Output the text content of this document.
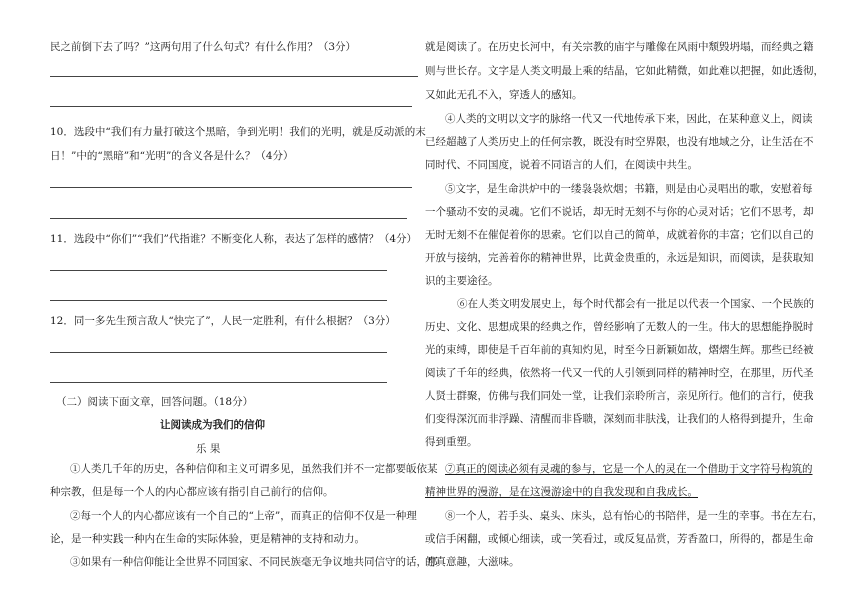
民之前倒下去了吗？”这两句用了什么句式？有什么作用？（3分）
10．选段中“我们有力量打破这个黑暗，争到光明！我们的光明，就是反动派的末
日！”中的“黑暗”和“光明”的含义各是什么？（4分）
11．选段中“你们”“我们”代指谁？不断变化人称，表达了怎样的感情？（4分）
12．同一多先生预言敌人“快完了”，人民一定胜利，有什么根据？（3分）
（二）阅读下面文章，回答问题。（18分）
让阅读成为我们的信仰
乐 果
①人类几千年的历史，各种信仰和主义可谓多见，虽然我们并不一定都要皈依某
种宗教，但是每一个人的内心都应该有指引自己前行的信仰。
②每一个人的内心都应该有一个自己的“上帝”，而真正的信仰不仅是一种理
论，是一种实践一种内在生命的实际体验，更是精神的支持和动力。
③如果有一种信仰能让全世界不同国家、不同民族毫无争议地共同信守的话，那
就是阅读了。在历史长河中，有关宗教的庙宇与雕像在风雨中颓毁坍塌，而经典之籍
则与世长存。文字是人类文明最上乘的结晶，它如此精微，如此难以把握，如此透彻，
又如此无孔不入，穿透人的感知。
④人类的文明以文字的脉络一代又一代地传承下来，因此，在某种意义上，阅读
已经超越了人类历史上的任何宗教，既没有时空界限，也没有地域之分，让生活在不
同时代、不同国度，说着不同语言的人们，在阅读中共生。
⑤文字，是生命洪炉中的一缕袅袅炊烟；书籍，则是由心灵唱出的歌，安慰着每
一个骚动不安的灵魂。它们不说话，却无时无刻不与你的心灵对话；它们不思考，却
无时无刻不在催促着你的思索。它们以自己的简单，成就着你的丰富；它们以自己的
开放与接纳，完善着你的精神世界，比黄金贵重的，永远是知识，而阅读，是获取知
识的主要途径。
⑥在人类文明发展史上，每个时代都会有一批足以代表一个国家、一个民族的
历史、文化、思想成果的经典之作，曾经影响了无数人的一生。伟大的思想能挣脱时
光的束缚，即使是千百年前的真知灼见，时至今日新颖如故，熠熠生辉。那些已经被
阅读了千年的经典，依然将一代又一代的人引领到同样的精神时空，在那里，历代圣
人贤士群聚，仿佛与我们同处一堂，让我们亲聆所言，亲见所行。他们的言行，使我
们变得深沉而非浮躁、清醒而非昏聩，深刻而非肤浅，让我们的人格得到提升，生命
得到重塑。
⑦真正的阅读必须有灵魂的参与，它是一个人的灵在一个借助于文字符号构筑的
精神世界的漫游，是在这漫游途中的自我发现和自我成长。
⑧一个人，若手头、桌头、床头，总有怡心的书陪伴，是一生的幸事。书在左右，
或信手闲翻，或倾心细读，或一笑看过，或反复品赏，芳香盈口，所得的，都是生命
的真意趣，大滋味。
